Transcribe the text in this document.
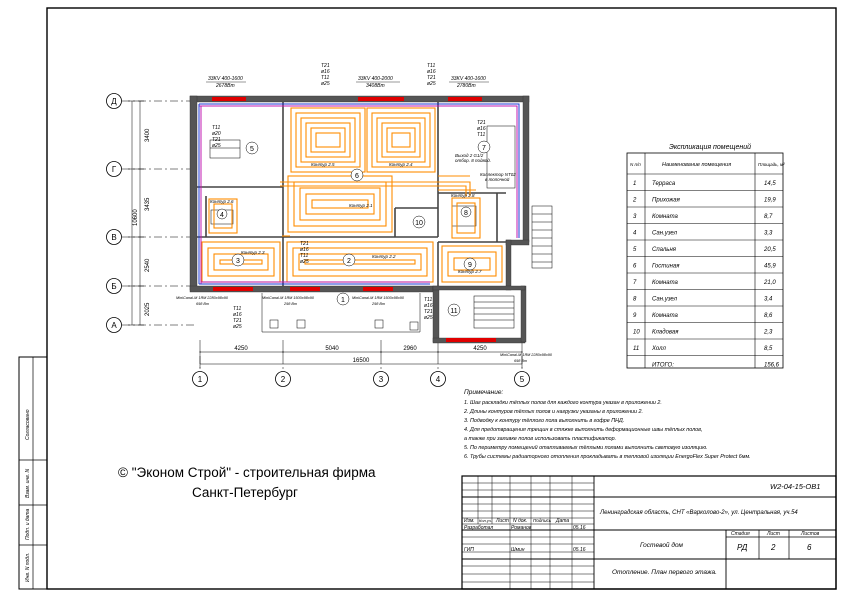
Согласовано
Взам. инв. N
Подп. и дата
Инв. N подл.
Д
Г
В
Б
А
1	2	3	4	5
3400
3435
10600
2540
2025
4250	5040	2960	4250
16500
1
2
3
4
5
6
7
8
9
10
11
Контур 2.5	Контур 2.4
Контур 2.1
Контур 2.6
Контур 2.2
Контур 2.3
Контур 2.7
Контур 2.8
Выход 2 G1/2
отбор. 8 подвод.
Коллектор NT02
в топочной
33KV 400-1600
2678Вт
33KV 400-2000
3408Вт
33KV 400-1600
2780Вт
MiniCanal-M 1ЯМ 2280x98x90
698 Вт
MiniCanal-M 1ЯМ 1500x98x90
298 Вт
MiniCanal-M 1ЯМ 1500x98x90
298 Вт
MiniCanal-M 1ЯМ 2280x98x90
698 Вт
T11
ø20
T21
ø25
T21
ø16
T11
ø25
T11
ø16
T21
ø25
T21
ø16
T11
ø25
T11
ø16
T21
ø25
T11
ø16
T21
ø25
T21
ø16
T11
Экспликация помещений
N п/п	Наименование помещения	Площадь, м²
1	Терраса	14,5
2	Прихожая	19,9
3	Комната	8,7
4	Сан.узел	3,3
5	Спальня	20,5
6	Гостиная	45,9
7	Комната	21,0
8	Сан.узел	3,4
9	Комната	8,6
10 Кладовая	2,3
11 Холл	8,5
ИТОГО:	156,6
Примечание:
1. Шаг раскладки тёплых полов для каждого контура указан в приложении 2.
2. Длины контуров тёплых полов и нагрузки указаны в приложении 2.
3. Подводку к контуру тёплого пола выполнить в гофре ПНД.
4. Для предотвращения трещин в стяжке выполнить деформационные швы тёплых полов,
а также при заливке полов использовать пластификатор.
5. По периметру помещений отапливаемых тёплыми полами выполнить световую изоляцию.
6. Трубы системы радиаторного отопления прокладывать в тепловой изоляции EnergoFlex Super Protect 6мм.
© "Эконом Строй" - строительная фирма
Санкт-Петербург
Изм. Кол.уч. Лист N док. Подпись Дата
Разработал	Романов	05.16
ГИП	Шмин	05.16
W2-04-15-ОВ1
Ленинградская область, СНТ «Варколово-2», ул. Центральная, уч.54
Гостевой дом
Стадия	Лист	Листов
РД	2	6
Отопление. План первого этажа.
